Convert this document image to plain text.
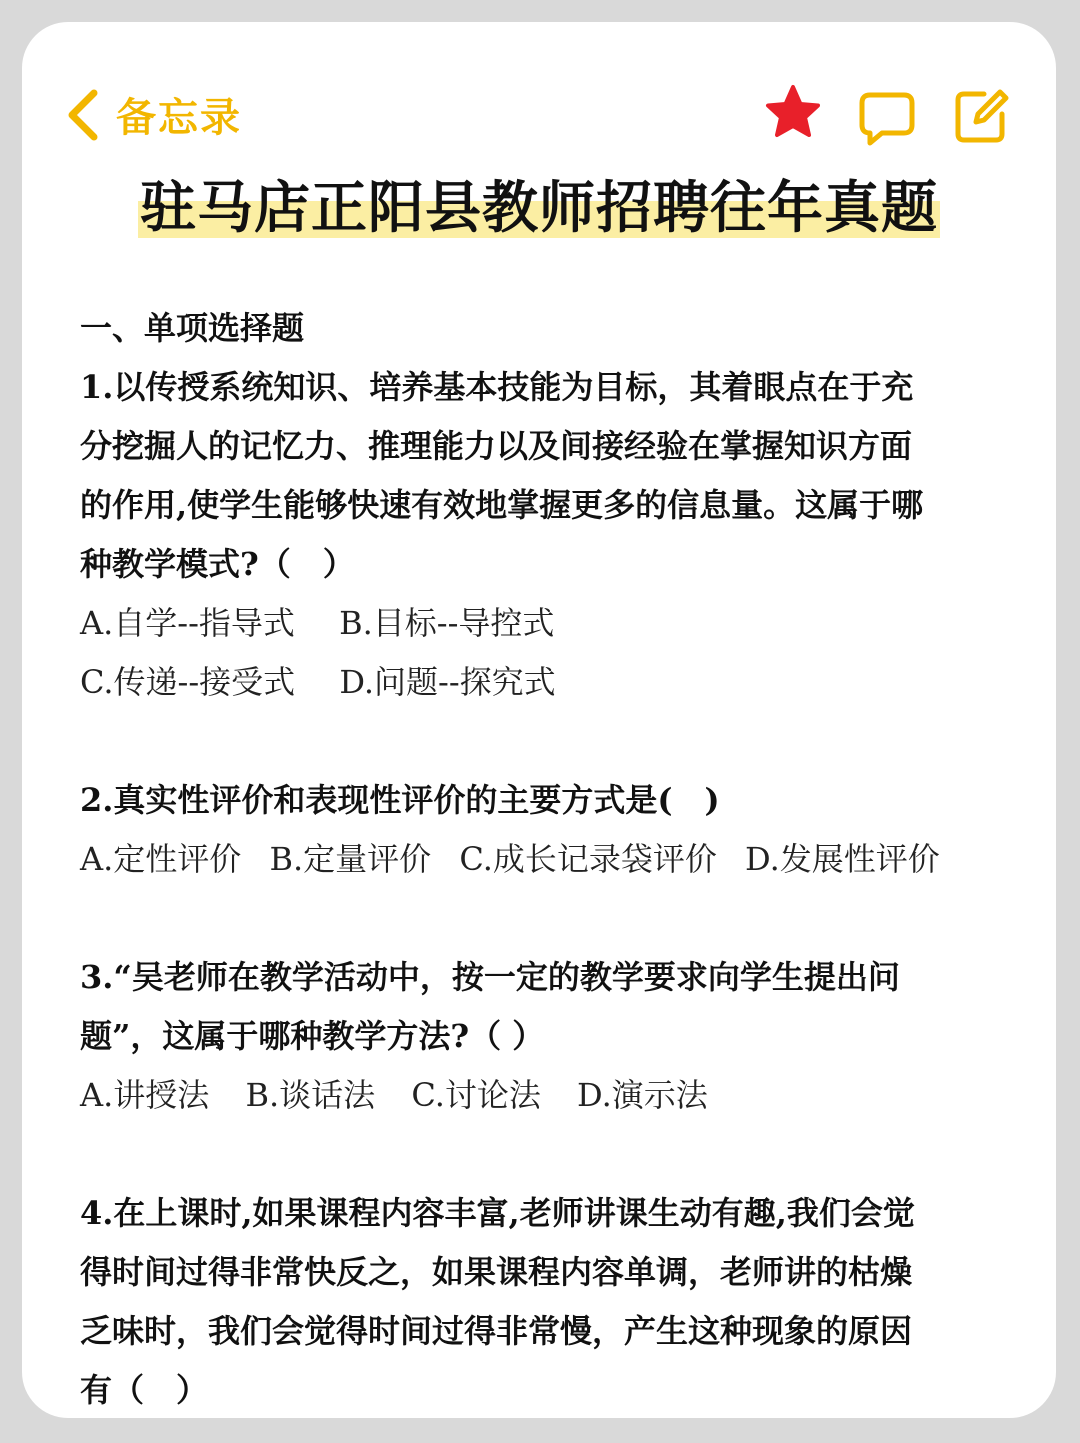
备忘录
驻马店正阳县教师招聘往年真题

一、单项选择题

1.以传授系统知识、培养基本技能为目标，其着眼点在于充

分挖掘人的记忆力、推理能力以及间接经验在掌握知识方面

的作用,使学生能够快速有效地掌握更多的信息量。这属于哪

种教学模式?（　）

A.自学--指导式 B.目标--导控式

C.传递--接受式 D.问题--探究式

2.真实性评价和表现性评价的主要方式是(　)

A.定性评价 B.定量评价 C.成长记录袋评价 D.发展性评价

3.“吴老师在教学活动中，按一定的教学要求向学生提出问

题”，这属于哪种教学方法?（ ）

A.讲授法 B.谈话法 C.讨论法 D.演示法

4.在上课时,如果课程内容丰富,老师讲课生动有趣,我们会觉

得时间过得非常快反之，如果课程内容单调，老师讲的枯燥

乏味时，我们会觉得时间过得非常慢，产生这种现象的原因

有（　）
